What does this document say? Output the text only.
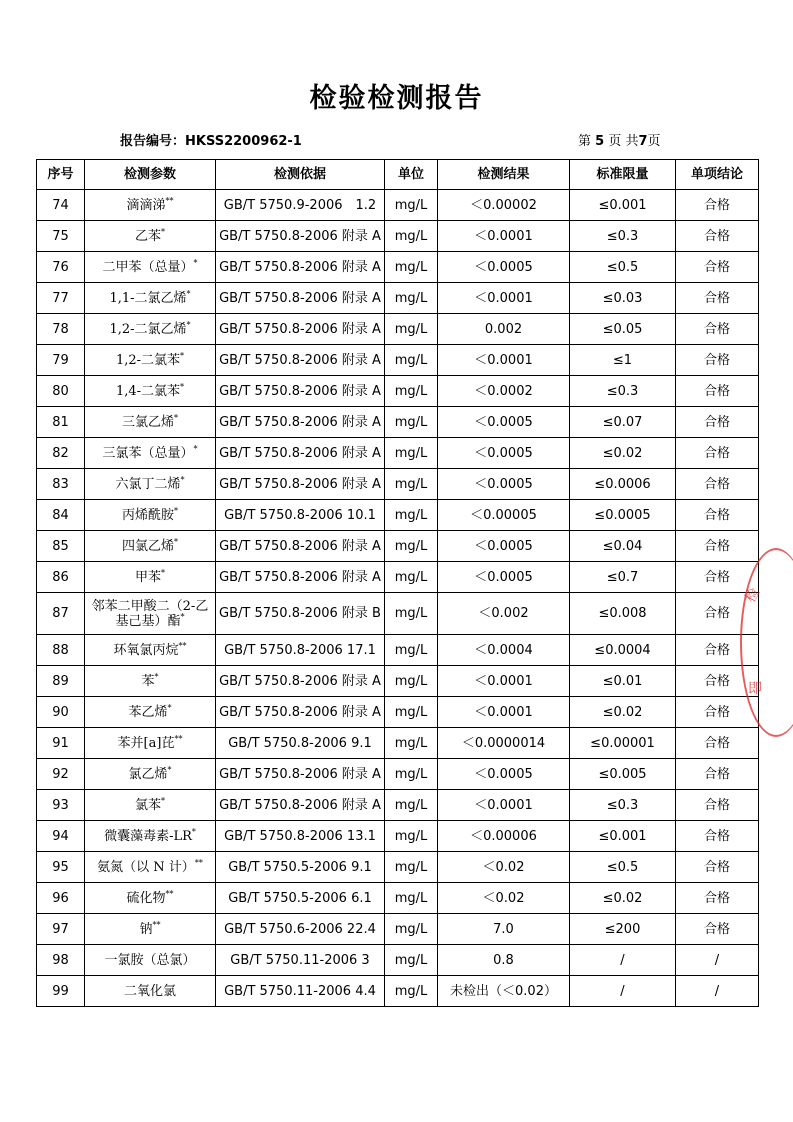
检验检测报告
报告编号：HKSS2200962-1	第 5 页 共7页
序号	检测参数	检测依据	单位	检测结果	标准限量	单项结论
74	滴滴涕**	GB/T 5750.9-2006　1.2	mg/L	＜0.00002	≤0.001	合格
75	乙苯*	GB/T 5750.8-2006 附录 A	mg/L	＜0.0001	≤0.3	合格
76	二甲苯（总量）*	GB/T 5750.8-2006 附录 A	mg/L	＜0.0005	≤0.5	合格
77	1,1-二氯乙烯*	GB/T 5750.8-2006 附录 A	mg/L	＜0.0001	≤0.03	合格
78	1,2-二氯乙烯*	GB/T 5750.8-2006 附录 A	mg/L	0.002	≤0.05	合格
79	1,2-二氯苯*	GB/T 5750.8-2006 附录 A	mg/L	＜0.0001	≤1	合格
80	1,4-二氯苯*	GB/T 5750.8-2006 附录 A	mg/L	＜0.0002	≤0.3	合格
81	三氯乙烯*	GB/T 5750.8-2006 附录 A	mg/L	＜0.0005	≤0.07	合格
82	三氯苯（总量）*	GB/T 5750.8-2006 附录 A	mg/L	＜0.0005	≤0.02	合格
83	六氯丁二烯*	GB/T 5750.8-2006 附录 A	mg/L	＜0.0005	≤0.0006	合格
84	丙烯酰胺*	GB/T 5750.8-2006 10.1	mg/L	＜0.00005	≤0.0005	合格
85	四氯乙烯*	GB/T 5750.8-2006 附录 A	mg/L	＜0.0005	≤0.04	合格
86	甲苯*	GB/T 5750.8-2006 附录 A	mg/L	＜0.0005	≤0.7	合格
87	邻苯二甲酸二（2-乙基己基）酯*	GB/T 5750.8-2006 附录 B	mg/L	＜0.002	≤0.008	合格
88	环氧氯丙烷**	GB/T 5750.8-2006 17.1	mg/L	＜0.0004	≤0.0004	合格
89	苯*	GB/T 5750.8-2006 附录 A	mg/L	＜0.0001	≤0.01	合格
90	苯乙烯*	GB/T 5750.8-2006 附录 A	mg/L	＜0.0001	≤0.02	合格
91	苯并[a]芘**	GB/T 5750.8-2006 9.1	mg/L	＜0.0000014	≤0.00001	合格
92	氯乙烯*	GB/T 5750.8-2006 附录 A	mg/L	＜0.0005	≤0.005	合格
93	氯苯*	GB/T 5750.8-2006 附录 A	mg/L	＜0.0001	≤0.3	合格
94	微囊藻毒素-LR*	GB/T 5750.8-2006 13.1	mg/L	＜0.00006	≤0.001	合格
95	氨氮（以 N 计）**	GB/T 5750.5-2006 9.1	mg/L	＜0.02	≤0.5	合格
96	硫化物**	GB/T 5750.5-2006 6.1	mg/L	＜0.02	≤0.02	合格
97	钠**	GB/T 5750.6-2006 22.4	mg/L	7.0	≤200	合格
98	一氯胺（总氯）	GB/T 5750.11-2006 3	mg/L	0.8	/	/
99	二氧化氯	GB/T 5750.11-2006 4.4	mg/L	未检出（＜0.02）	/	/
检
即
